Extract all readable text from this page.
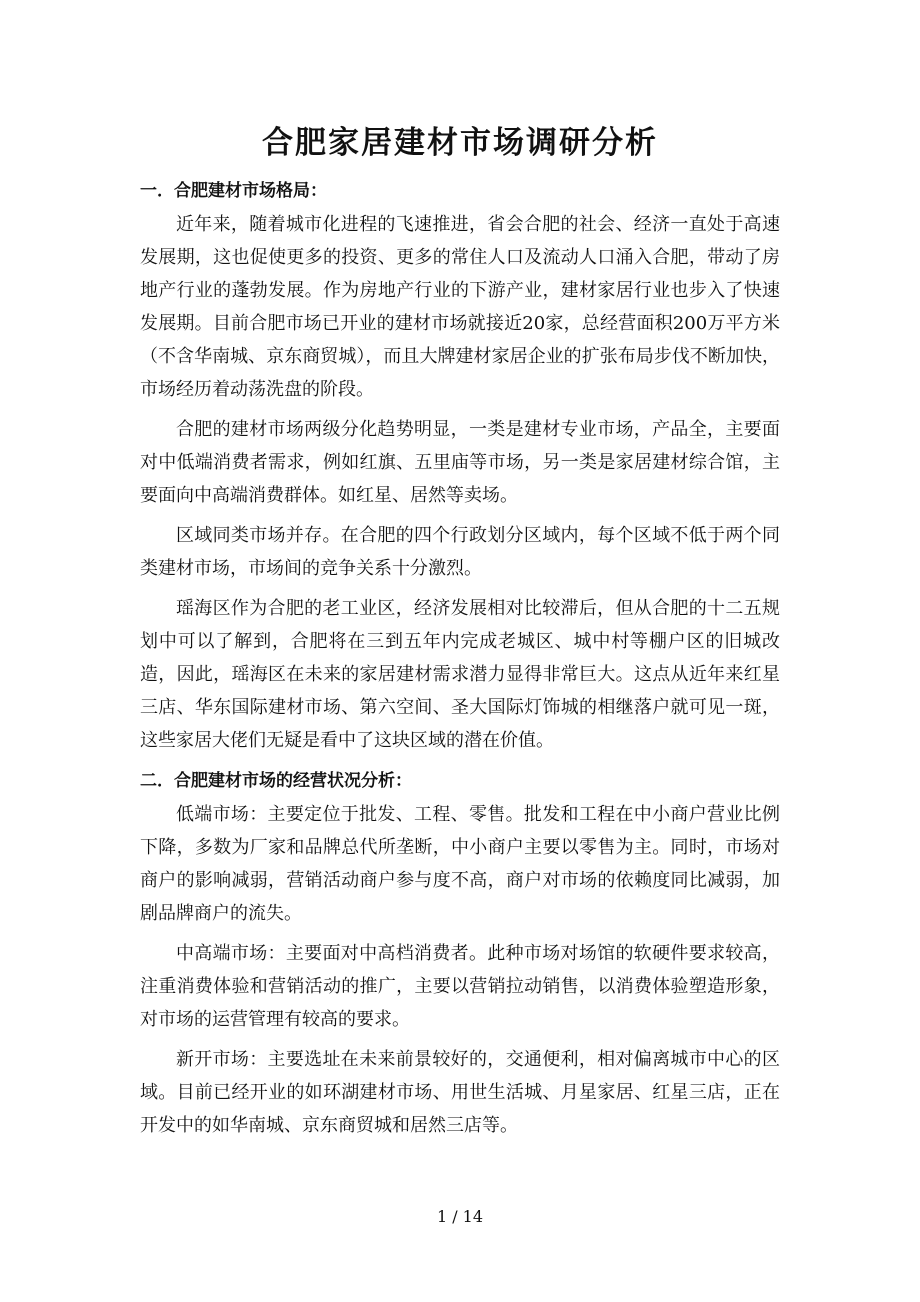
合肥家居建材市场调研分析

一．合肥建材市场格局：

近年来，随着城市化进程的飞速推进，省会合肥的社会、经济一直处于高速发展期，这也促使更多的投资、更多的常住人口及流动人口涌入合肥，带动了房地产行业的蓬勃发展。作为房地产行业的下游产业，建材家居行业也步入了快速发展期。目前合肥市场已开业的建材市场就接近20家，总经营面积200万平方米（不含华南城、京东商贸城），而且大牌建材家居企业的扩张布局步伐不断加快，市场经历着动荡洗盘的阶段。

合肥的建材市场两级分化趋势明显，一类是建材专业市场，产品全，主要面对中低端消费者需求，例如红旗、五里庙等市场，另一类是家居建材综合馆，主要面向中高端消费群体。如红星、居然等卖场。

区域同类市场并存。在合肥的四个行政划分区域内，每个区域不低于两个同类建材市场，市场间的竞争关系十分激烈。

瑶海区作为合肥的老工业区，经济发展相对比较滞后，但从合肥的十二五规划中可以了解到，合肥将在三到五年内完成老城区、城中村等棚户区的旧城改造，因此，瑶海区在未来的家居建材需求潜力显得非常巨大。这点从近年来红星三店、华东国际建材市场、第六空间、圣大国际灯饰城的相继落户就可见一斑，这些家居大佬们无疑是看中了这块区域的潜在价值。

二．合肥建材市场的经营状况分析：

低端市场：主要定位于批发、工程、零售。批发和工程在中小商户营业比例下降，多数为厂家和品牌总代所垄断，中小商户主要以零售为主。同时，市场对商户的影响减弱，营销活动商户参与度不高，商户对市场的依赖度同比减弱，加剧品牌商户的流失。

中高端市场：主要面对中高档消费者。此种市场对场馆的软硬件要求较高，注重消费体验和营销活动的推广，主要以营销拉动销售，以消费体验塑造形象，对市场的运营管理有较高的要求。

新开市场：主要选址在未来前景较好的，交通便利，相对偏离城市中心的区域。目前已经开业的如环湖建材市场、用世生活城、月星家居、红星三店，正在开发中的如华南城、京东商贸城和居然三店等。

1 / 14
